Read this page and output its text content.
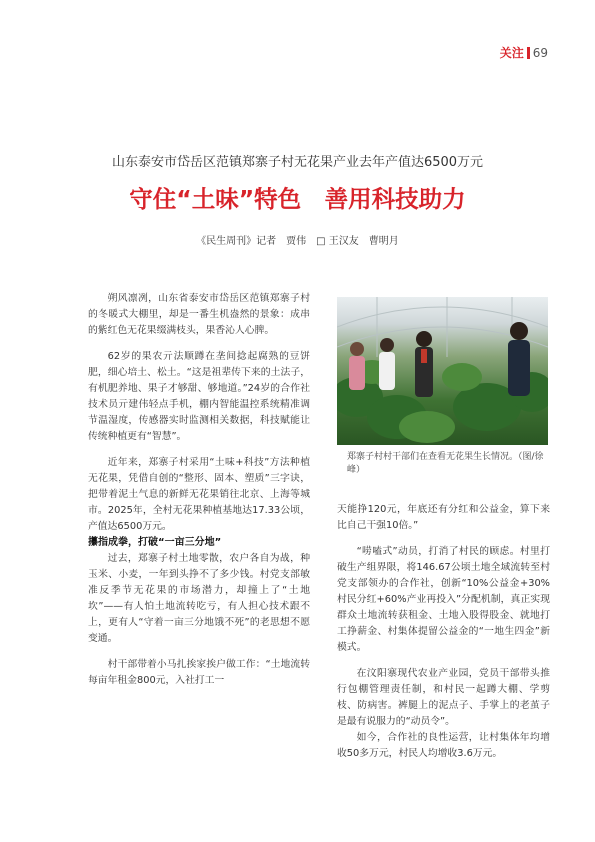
关注 69
山东泰安市岱岳区范镇郑寨子村无花果产业去年产值达6500万元
守住“土味”特色　善用科技助力
《民生周刊》记者　贾伟　□ 王汉友　曹明月

朔风凛冽，山东省泰安市岱岳区范镇郑寨子村的冬暖式大棚里，却是一番生机盎然的景象：成串的紫红色无花果缀满枝头，果香沁人心脾。

62岁的果农亓法顺蹲在垄间捻起腐熟的豆饼肥，细心培土、松土。“这是祖辈传下来的土法子，有机肥养地、果子才够甜、够地道。”24岁的合作社技术员亓建伟轻点手机，棚内智能温控系统精准调节温湿度，传感器实时监测相关数据，科技赋能让传统种植更有“智慧”。

近年来，郑寨子村采用“土味+科技”方法种植无花果，凭借自创的“整形、固本、塑质”三字诀，把带着泥土气息的新鲜无花果销往北京、上海等城市。2025年，全村无花果种植基地达17.33公顷，产值达6500万元。

攥指成拳，打破“一亩三分地”

过去，郑寨子村土地零散，农户各自为战，种玉米、小麦，一年到头挣不了多少钱。村党支部敏准反季节无花果的市场潜力，却撞上了“土地坎”——有人怕土地流转吃亏，有人担心技术跟不上，更有人“守着一亩三分地饿不死”的老思想不愿变通。

村干部带着小马扎挨家挨户做工作：“土地流转每亩年租金800元，入社打工一

郑寨子村村干部们在查看无花果生长情况。（图/徐峰）

天能挣120元，年底还有分红和公益金，算下来比自己干强10倍。”

“唠嗑式”动员，打消了村民的顾虑。村里打破生产组界限，将146.67公顷土地全域流转至村党支部领办的合作社，创新“10%公益金+30%村民分红+60%产业再投入”分配机制，真正实现群众土地流转获租金、土地入股得股金、就地打工挣薪金、村集体提留公益金的“一地生四金”新模式。

在汶阳寨现代农业产业园，党员干部带头推行包棚管理责任制，和村民一起蹲大棚、学剪枝、防病害。裤腿上的泥点子、手掌上的老茧子是最有说服力的“动员令”。

如今，合作社的良性运营，让村集体年均增收50多万元，村民人均增收3.6万元。
